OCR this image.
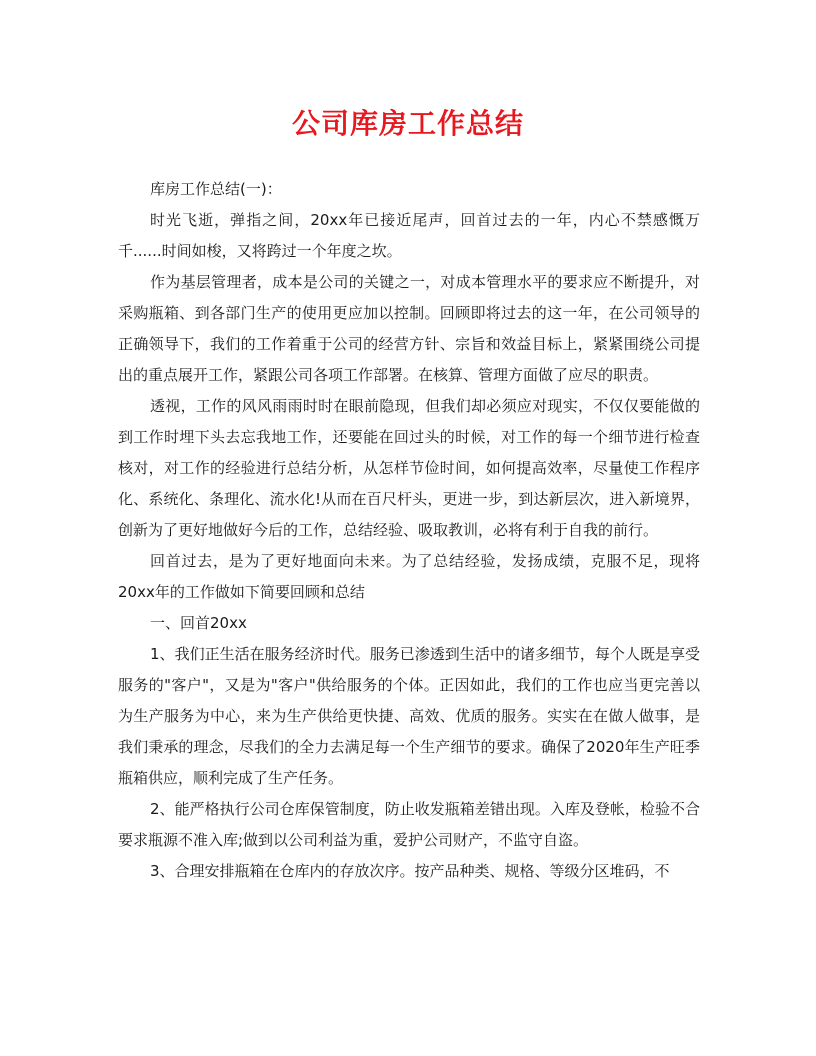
公司库房工作总结

库房工作总结(一)：

时光飞逝，弹指之间，20xx年已接近尾声，回首过去的一年，内心不禁感慨万千......时间如梭，又将跨过一个年度之坎。

作为基层管理者，成本是公司的关键之一，对成本管理水平的要求应不断提升，对采购瓶箱、到各部门生产的使用更应加以控制。回顾即将过去的这一年，在公司领导的正确领导下，我们的工作着重于公司的经营方针、宗旨和效益目标上，紧紧围绕公司提出的重点展开工作，紧跟公司各项工作部署。在核算、管理方面做了应尽的职责。

透视，工作的风风雨雨时时在眼前隐现，但我们却必须应对现实，不仅仅要能做的到工作时埋下头去忘我地工作，还要能在回过头的时候，对工作的每一个细节进行检查核对，对工作的经验进行总结分析，从怎样节俭时间，如何提高效率，尽量使工作程序化、系统化、条理化、流水化!从而在百尺杆头，更进一步，到达新层次，进入新境界，创新为了更好地做好今后的工作，总结经验、吸取教训，必将有利于自我的前行。

回首过去，是为了更好地面向未来。为了总结经验，发扬成绩，克服不足，现将20xx年的工作做如下简要回顾和总结

一、回首20xx

1、我们正生活在服务经济时代。服务已渗透到生活中的诸多细节，每个人既是享受服务的"客户"，又是为"客户"供给服务的个体。正因如此，我们的工作也应当更完善以为生产服务为中心，来为生产供给更快捷、高效、优质的服务。实实在在做人做事，是我们秉承的理念，尽我们的全力去满足每一个生产细节的要求。确保了2020年生产旺季瓶箱供应，顺利完成了生产任务。

2、能严格执行公司仓库保管制度，防止收发瓶箱差错出现。入库及登帐，检验不合要求瓶源不准入库;做到以公司利益为重，爱护公司财产，不监守自盗。

3、合理安排瓶箱在仓库内的存放次序。按产品种类、规格、等级分区堆码，不
